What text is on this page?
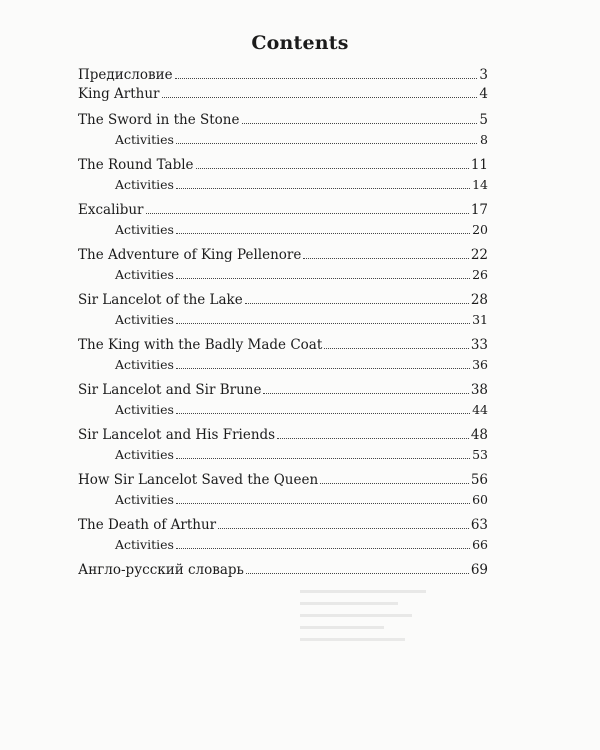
Contents
Предисловие	3
King Arthur	4
The Sword in the Stone	5
Activities	8
The Round Table	11
Activities	14
Excalibur	17
Activities	20
The Adventure of King Pellenore	22
Activities	26
Sir Lancelot of the Lake	28
Activities	31
The King with the Badly Made Coat	33
Activities	36
Sir Lancelot and Sir Brune	38
Activities	44
Sir Lancelot and His Friends	48
Activities	53
How Sir Lancelot Saved the Queen	56
Activities	60
The Death of Arthur	63
Activities	66
Англо-русский словарь	69
